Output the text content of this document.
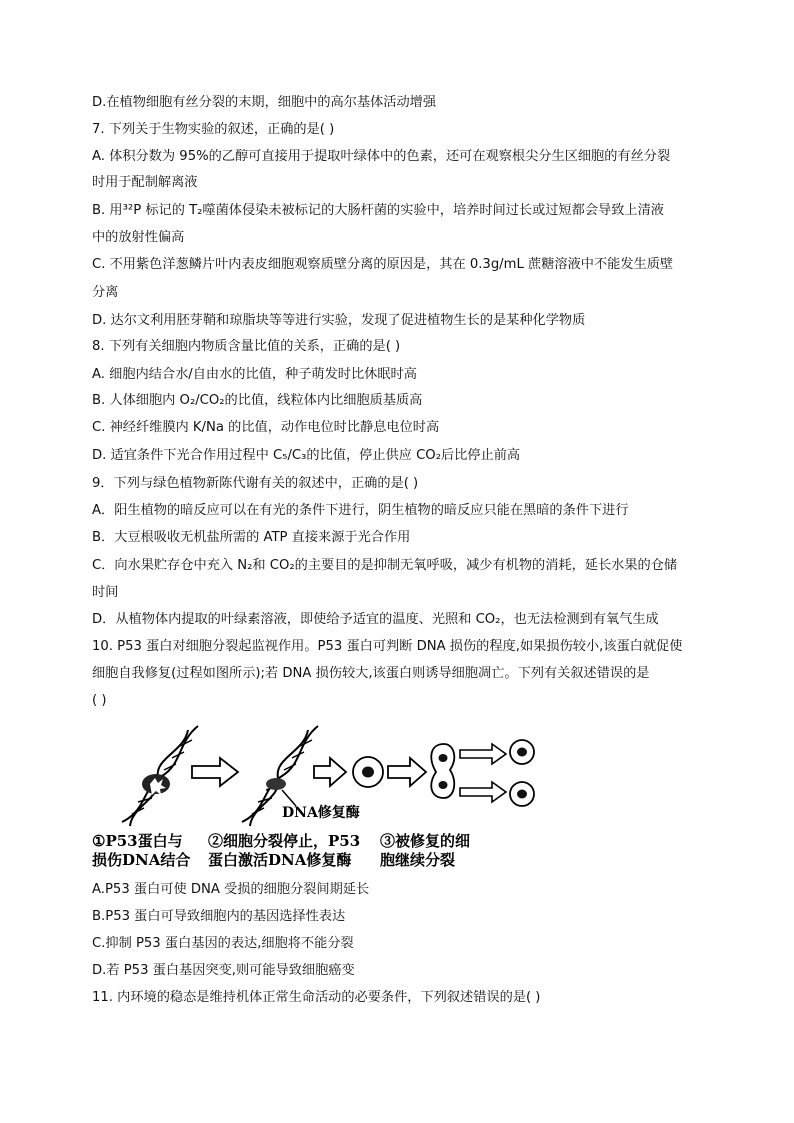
D.在植物细胞有丝分裂的末期，细胞中的高尔基体活动增强
7. 下列关于生物实验的叙述，正确的是( )
A. 体积分数为 95%的乙醇可直接用于提取叶绿体中的色素，还可在观察根尖分生区细胞的有丝分裂
时用于配制解离液
B. 用³²P 标记的 T₂噬菌体侵染未被标记的大肠杆菌的实验中，培养时间过长或过短都会导致上清液
中的放射性偏高
C. 不用紫色洋葱鳞片叶内表皮细胞观察质壁分离的原因是，其在 0.3g/mL 蔗糖溶液中不能发生质壁
分离
D. 达尔文利用胚芽鞘和琼脂块等等进行实验，发现了促进植物生长的是某种化学物质
8. 下列有关细胞内物质含量比值的关系，正确的是( )
A. 细胞内结合水/自由水的比值，种子萌发时比休眠时高
B. 人体细胞内 O₂/CO₂的比值，线粒体内比细胞质基质高
C. 神经纤维膜内 K/Na 的比值，动作电位时比静息电位时高
D. 适宜条件下光合作用过程中 C₅/C₃的比值，停止供应 CO₂后比停止前高
9．下列与绿色植物新陈代谢有关的叙述中，正确的是( )
A．阳生植物的暗反应可以在有光的条件下进行，阴生植物的暗反应只能在黑暗的条件下进行
B．大豆根吸收无机盐所需的 ATP 直接来源于光合作用
C．向水果贮存仓中充入 N₂和 CO₂的主要目的是抑制无氧呼吸，减少有机物的消耗，延长水果的仓储
时间
D．从植物体内提取的叶绿素溶液，即使给予适宜的温度、光照和 CO₂，也无法检测到有氧气生成
10. P53 蛋白对细胞分裂起监视作用。P53 蛋白可判断 DNA 损伤的程度,如果损伤较小,该蛋白就促使
细胞自我修复(过程如图所示);若 DNA 损伤较大,该蛋白则诱导细胞凋亡。下列有关叙述错误的是
( )
DNA修复酶
①P53蛋白与
损伤DNA结合
②细胞分裂停止，P53
蛋白激活DNA修复酶
③被修复的细
胞继续分裂
A.P53 蛋白可使 DNA 受损的细胞分裂间期延长
B.P53 蛋白可导致细胞内的基因选择性表达
C.抑制 P53 蛋白基因的表达,细胞将不能分裂
D.若 P53 蛋白基因突变,则可能导致细胞癌变
11. 内环境的稳态是维持机体正常生命活动的必要条件，下列叙述错误的是( )
